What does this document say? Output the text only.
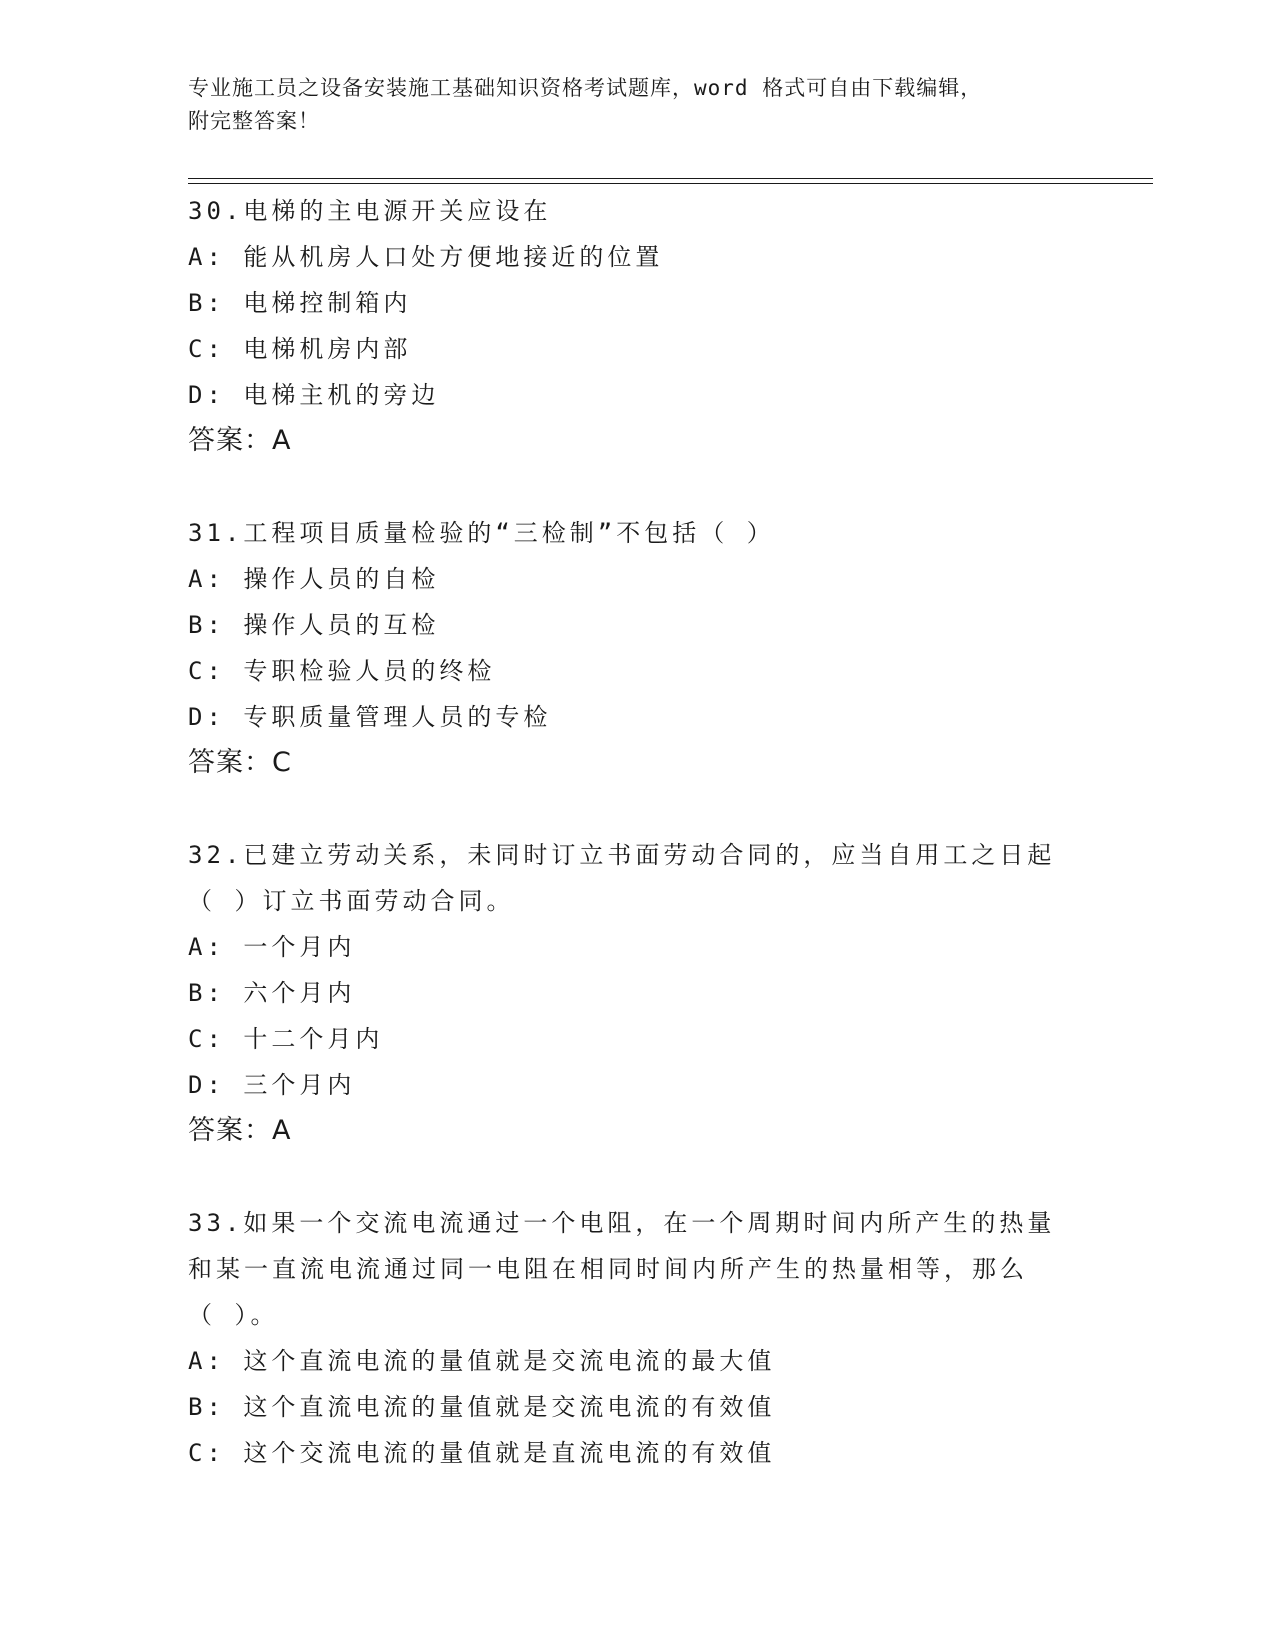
专业施工员之设备安装施工基础知识资格考试题库，word 格式可自由下载编辑，
附完整答案！
30.电梯的主电源开关应设在
A: 能从机房人口处方便地接近的位置
B: 电梯控制箱内
C: 电梯机房内部
D: 电梯主机的旁边
答案：A
31.工程项目质量检验的“三检制”不包括（ ）
A: 操作人员的自检
B: 操作人员的互检
C: 专职检验人员的终检
D: 专职质量管理人员的专检
答案：C
32.已建立劳动关系，未同时订立书面劳动合同的，应当自用工之日起
（ ）订立书面劳动合同。
A: 一个月内
B: 六个月内
C: 十二个月内
D: 三个月内
答案：A
33.如果一个交流电流通过一个电阻，在一个周期时间内所产生的热量
和某一直流电流通过同一电阻在相同时间内所产生的热量相等，那么
（ ）。
A: 这个直流电流的量值就是交流电流的最大值
B: 这个直流电流的量值就是交流电流的有效值
C: 这个交流电流的量值就是直流电流的有效值
